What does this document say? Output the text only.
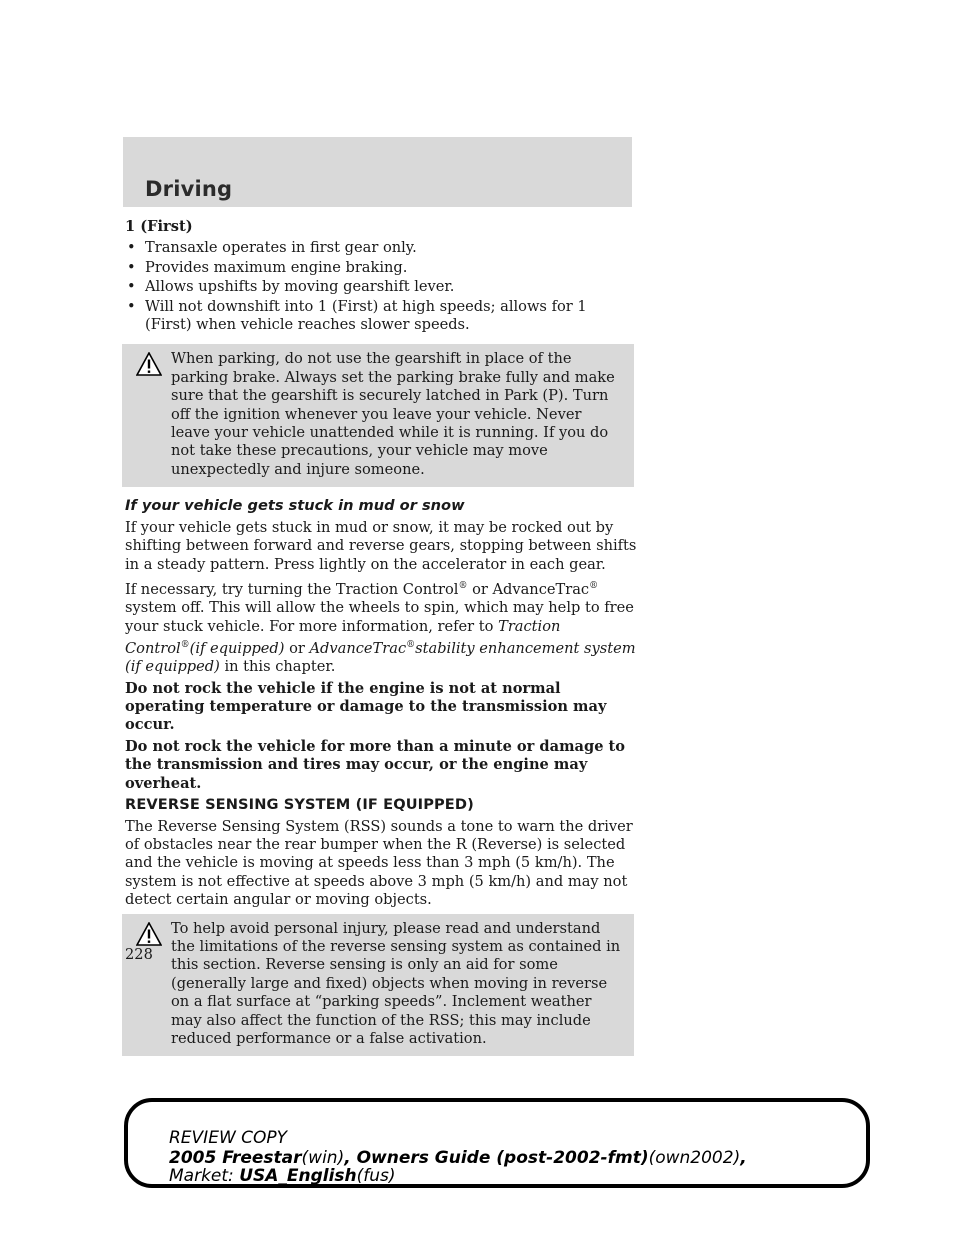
Driving

1 (First)

• Transaxle operates in first gear only.
• Provides maximum engine braking.
• Allows upshifts by moving gearshift lever.
• Will not downshift into 1 (First) at high speeds; allows for 1 (First) when vehicle reaches slower speeds.
When parking, do not use the gearshift in place of the parking brake. Always set the parking brake fully and make sure that the gearshift is securely latched in Park (P). Turn off the ignition whenever you leave your vehicle. Never leave your vehicle unattended while it is running. If you do not take these precautions, your vehicle may move unexpectedly and injure someone.

If your vehicle gets stuck in mud or snow

If your vehicle gets stuck in mud or snow, it may be rocked out by shifting between forward and reverse gears, stopping between shifts in a steady pattern. Press lightly on the accelerator in each gear.

If necessary, try turning the Traction Control® or AdvanceTrac® system off. This will allow the wheels to spin, which may help to free your stuck vehicle. For more information, refer to Traction Control®(if equipped) or AdvanceTrac®stability enhancement system (if equipped) in this chapter.

Do not rock the vehicle if the engine is not at normal operating temperature or damage to the transmission may occur.

Do not rock the vehicle for more than a minute or damage to the transmission and tires may occur, or the engine may overheat.

REVERSE SENSING SYSTEM (IF EQUIPPED)

The Reverse Sensing System (RSS) sounds a tone to warn the driver of obstacles near the rear bumper when the R (Reverse) is selected and the vehicle is moving at speeds less than 3 mph (5 km/h). The system is not effective at speeds above 3 mph (5 km/h) and may not detect certain angular or moving objects.

To help avoid personal injury, please read and understand the limitations of the reverse sensing system as contained in this section. Reverse sensing is only an aid for some (generally large and fixed) objects when moving in reverse on a flat surface at “parking speeds”. Inclement weather may also affect the function of the RSS; this may include reduced performance or a false activation.
228
REVIEW COPY
2005 Freestar(win), Owners Guide (post-2002-fmt)(own2002),
Market: USA_English(fus)
